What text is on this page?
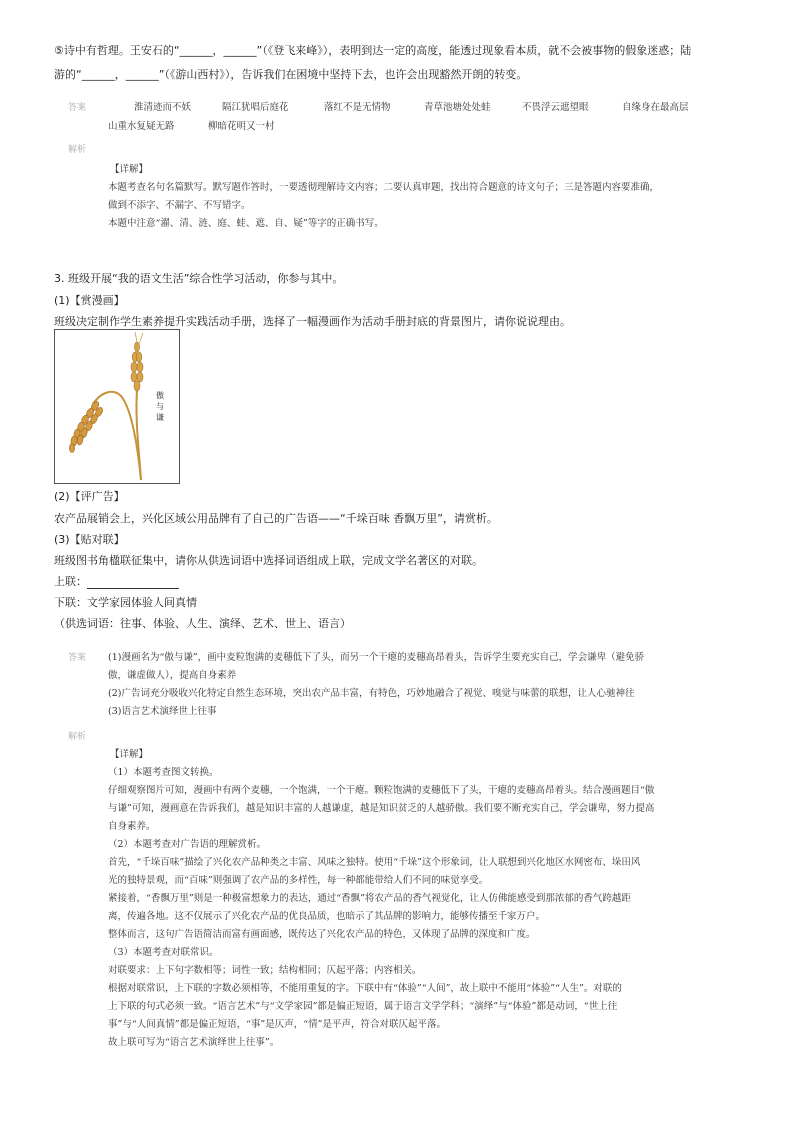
⑤诗中有哲理。王安石的“______，______”（《登飞来峰》），表明到达一定的高度，能透过现象看本质，就不会被事物的假象迷惑；陆
游的“______，______”（《游山西村》），告诉我们在困境中坚持下去，也许会出现豁然开朗的转变。
答案	淮清迹而不妖	隔江犹唱后庭花	落红不是无情物	青草池塘处处蛙	不畏浮云遮望眼	自缘身在最高层
山重水复疑无路	柳暗花明又一村
解析
【详解】
本题考查名句名篇默写。默写题作答时，一要透彻理解诗文内容；二要认真审题，找出符合题意的诗文句子；三是答题内容要准确，
做到不添字、不漏字、不写错字。
本题中注意“濯、清、涟、庭、蛙、遮、自、疑”等字的正确书写。
3. 班级开展“我的语文生活”综合性学习活动，你参与其中。
(1)【赏漫画】
班级决定制作学生素养提升实践活动手册，选择了一幅漫画作为活动手册封底的背景图片，请你说说理由。
傲与谦
(2)【评广告】
农产品展销会上，兴化区域公用品牌有了自己的广告语——“千垛百味 香飘万里”，请赏析。
(3)【贴对联】
班级图书角楹联征集中，请你从供选词语中选择词语组成上联，完成文学名著区的对联。
上联：
下联：文学家园体验人间真情
（供选词语：往事、体验、人生、演绎、艺术、世上、语言）
答案 (1)漫画名为“傲与谦”，画中麦粒饱满的麦穗低下了头，而另一个干瘪的麦穗高昂着头，告诉学生要充实自己，学会谦卑（避免骄
傲，谦虚做人），提高自身素养
(2)广告词充分吸收兴化特定自然生态环境，突出农产品丰富，有特色，巧妙地融合了视觉、嗅觉与味蕾的联想，让人心驰神往
(3)语言艺术演绎世上往事
解析
【详解】
（1）本题考查图文转换。
仔细观察图片可知，漫画中有两个麦穗，一个饱满，一个干瘪。颗粒饱满的麦穗低下了头，干瘪的麦穗高昂着头。结合漫画题目“傲
与谦”可知，漫画意在告诉我们，越是知识丰富的人越谦虚，越是知识贫乏的人越骄傲。我们要不断充实自己，学会谦卑，努力提高
自身素养。
（2）本题考查对广告语的理解赏析。
首先，“千垛百味”描绘了兴化农产品种类之丰富、风味之独特。使用“千垛”这个形象词，让人联想到兴化地区水网密布、垛田风
光的独特景观，而“百味”则强调了农产品的多样性，每一种都能带给人们不同的味觉享受。
紧接着，“香飘万里”则是一种极富想象力的表达，通过“香飘”将农产品的香气视觉化，让人仿佛能感受到那浓郁的香气跨越距
离，传遍各地。这不仅展示了兴化农产品的优良品质，也暗示了其品牌的影响力，能够传播至千家万户。
整体而言，这句广告语简洁而富有画面感，既传达了兴化农产品的特色，又体现了品牌的深度和广度。
（3）本题考查对联常识。
对联要求：上下句字数相等；词性一致；结构相同；仄起平落；内容相关。
根据对联常识，上下联的字数必须相等，不能用重复的字。下联中有“体验”“人间”，故上联中不能用“体验”“人生”。对联的
上下联的句式必须一致。“语言艺术”与“文学家园”都是偏正短语，属于语言文学学科；“演绎”与“体验”都是动词，“世上往
事”与“人间真情”都是偏正短语，“事”是仄声，“情”是平声，符合对联仄起平落。
故上联可写为“语言艺术演绎世上往事”。
